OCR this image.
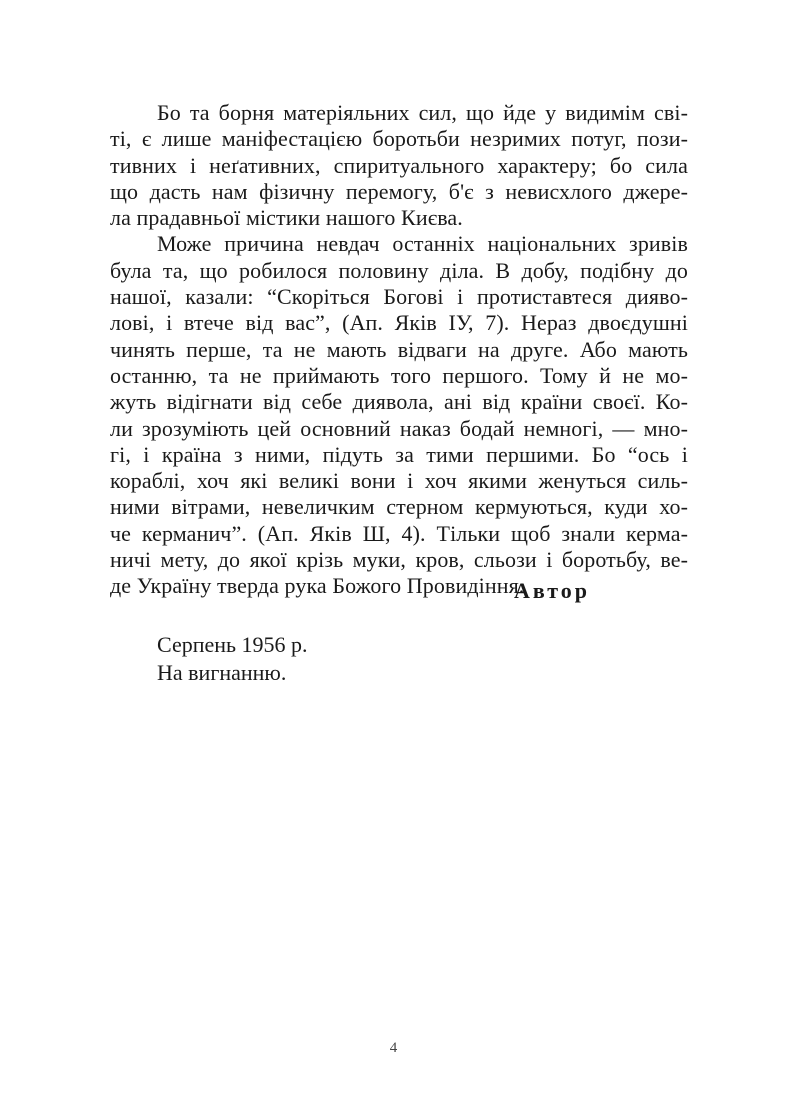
Бо та борня матеріяльних сил, що йде у видимім сві-
ті, є лише маніфестацією боротьби незримих потуг, пози-
тивних і неґативних, спиритуального характеру; бо сила
що дасть нам фізичну перемогу, б'є з невисхлого джере-
ла прадавньої містики нашого Києва.
Може причина невдач останніх національних зривів
була та, що робилося половину діла. В добу, подібну до
нашої, казали: “Скоріться Богові і протиставтеся дияво-
лові, і втече від вас”, (Ап. Яків ІУ, 7). Нераз двоєдушні
чинять перше, та не мають відваги на друге. Або мають
останню, та не приймають того першого. Тому й не мо-
жуть відігнати від себе диявола, ані від країни своєї. Ко-
ли зрозуміють цей основний наказ бодай немногі, — мно-
гі, і країна з ними, підуть за тими першими. Бо “ось і
кораблі, хоч які великі вони і хоч якими женуться силь-
ними вітрами, невеличким стерном кермуються, куди хо-
че керманич”. (Ап. Яків Ш, 4). Тільки щоб знали керма-
ничі мету, до якої крізь муки, кров, сльози і боротьбу, ве-
де Україну тверда рука Божого Провидіння.
Автор
Серпень 1956 р.
На вигнанню.
4
